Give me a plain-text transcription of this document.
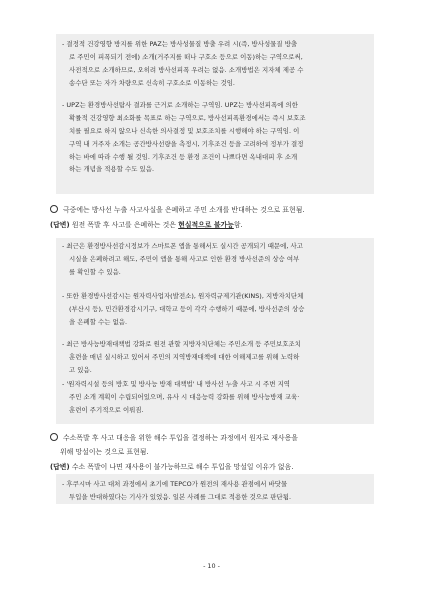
- 결정적 건강영향 방지를 위한 PAZ는 방사성물질 방출 우려 시(즉, 방사성물질 방출
로 주민이 피폭되기 전에) 소개(거주지를 떠나 구호소 등으로 이동)하는 구역으로써,
사전적으로 소개하므로, 오히려 방사선피폭 우려는 없음. 소개방법은 지자체 제공 수
송수단 또는 자가 차량으로 신속히 구호소로 이동하는 것임.
- UPZ는 환경방사선탐사 결과를 근거로 소개하는 구역임. UPZ는 방사선피폭에 의한
확률적 건강영향 최소화를 목표로 하는 구역으로, 방사선피폭환경에서는 즉시 보호조
치를 필요로 하지 않으나 신속한 의사결정 및 보호조치를 시행해야 하는 구역임. 이
구역 내 거주자 소개는 공간방사선량을 측정시, 기후조건 등을 고려하여 정부가 결정
하는 바에 따라 수행 될 것임. 기후조건 등 환경 조건이 나쁘다면 옥내대피 후 소개
하는 개념을 적용할 수도 있음.
극중에는 방사선 누출 사고사실을 은폐하고 주민 소개를 반대하는 것으로 표현됨.
(답변) 원전 폭발 후 사고를 은폐하는 것은 현실적으로 불가능함.
- 최근은 환경방사선감시정보가 스마트폰 앱을 통해서도 실시간 공개되기 때문에, 사고
시실을 은폐하려고 해도, 주민이 앱을 통해 사고로 인한 환경 방사선준의 상승 여부
를 확인할 수 있음.
- 또한 환경방사선감시는 원자력사업자(발전소), 원자력규제기관(KINS), 지방자치단체
(부산시 등), 민간환경감시기구, 대학교 등이 각각 수행하기 때문에, 방사선준의 상승
을 은폐할 수는 없음.
- 최근 방사능방재대책법 강화로 원전 관할 지방자치단체는 주민소개 등 주민보호조치
훈련을 매년 실시하고 있어서 주민의 지역방재대책에 대한 이해제고를 위해 노력하
고 있음.
- '원자력시설 등의 방호 및 방사능 방재 대책법' 내 방사선 누출 사고 시 주변 지역
주민 소개 계획이 수립되어있으며, 유사 시 대응능력 강화를 위해 방사능방재 교육·
훈련이 주기적으로 이뤄짐.
수소폭발 후 사고 대응을 위한 해수 투입을 결정하는 과정에서 원자로 재사용을
위해 망설이는 것으로 표현됨.
(답변) 수소 폭발이 나면 재사용이 불가능하므로 해수 투입을 망설일 이유가 없음.
- 후쿠시마 사고 대처 과정에서 초기에 TEPCO가 원전의 재사용 관점에서 바닷물
투입을 반대하였다는 기사가 있었음. 일본 사례를 그대로 적용한 것으로 판단됨.
- 10 -
